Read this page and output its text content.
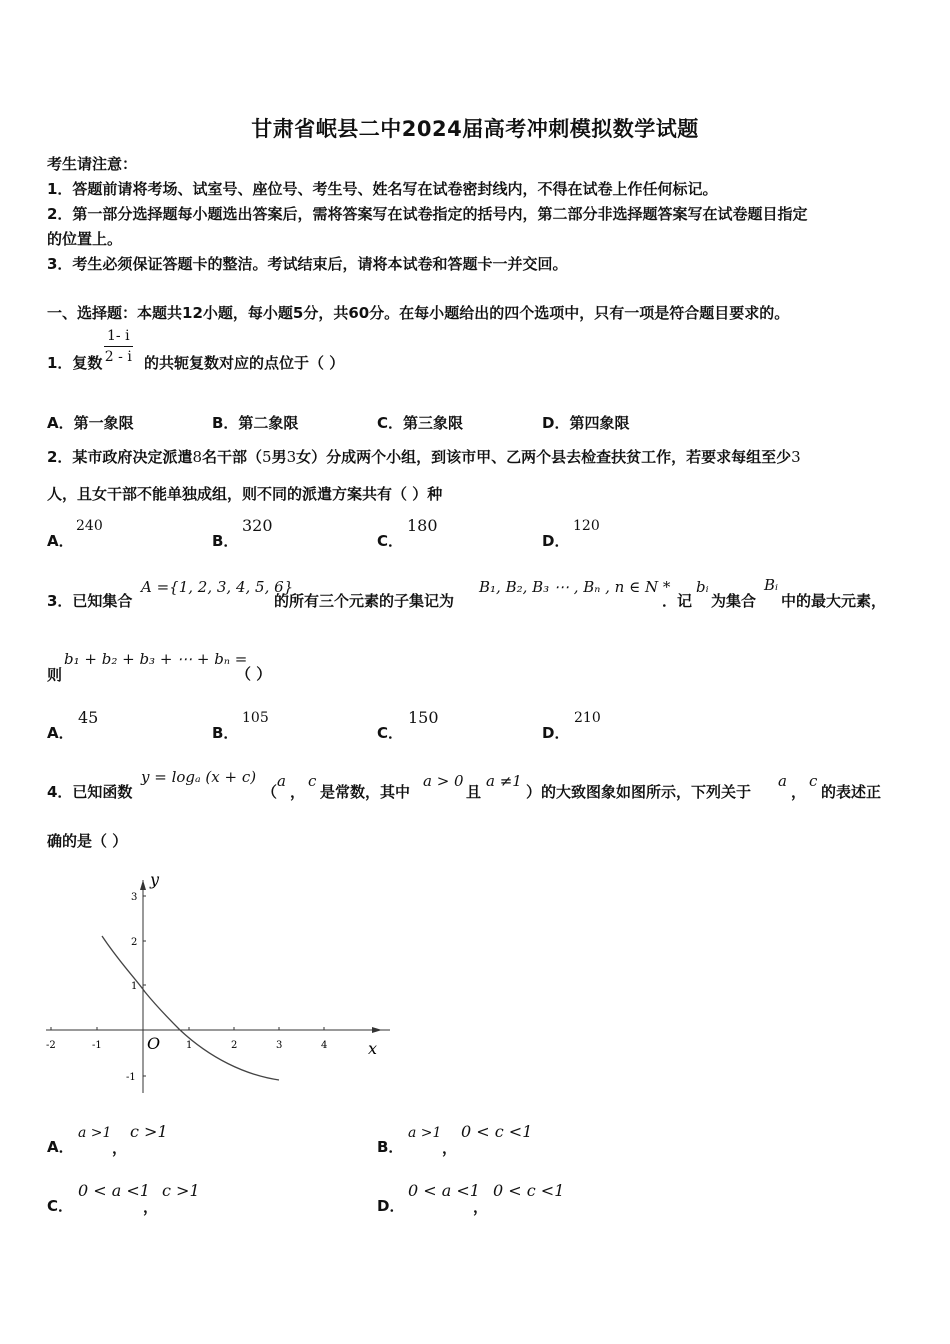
甘肃省岷县二中2024届高考冲刺模拟数学试题
考生请注意：
1．答题前请将考场、试室号、座位号、考生号、姓名写在试卷密封线内，不得在试卷上作任何标记。
2．第一部分选择题每小题选出答案后，需将答案写在试卷指定的括号内，第二部分非选择题答案写在试卷题目指定
的位置上。
3．考生必须保证答题卡的整洁。考试结束后，请将本试卷和答题卡一并交回。
一、选择题：本题共12小题，每小题5分，共60分。在每小题给出的四个选项中，只有一项是符合题目要求的。
1．复数 $\frac{1- i}{2 - i}$ 的共轭复数对应的点位于（ ）
A．第一象限	B．第二象限	C．第三象限	D．第四象限
2．某市政府决定派遣8名干部（5男3女）分成两个小组，到该市甲、乙两个县去检查扶贫工作，若要求每组至少3
人，且女干部不能单独成组，则不同的派遣方案共有（ ）种
A．
240
B．
320
C．
180
D．
120
3．已知集合
A ={1, 2, 3, 4, 5, 6}
的所有三个元素的子集记为
B₁, B₂, B₃ ⋯ , Bₙ , n ∈ N *
．记
bᵢ
为集合
Bᵢ
中的最大元素，
则
b₁ + b₂ + b₃ + ⋯ + bₙ =
（ ）
A．
45
B．
105
C．
150
D．
210
4．已知函数
y = logₐ (x + c)
（
a
，
c
是常数，其中
a > 0
且
a ≠1
）的大致图象如图所示，下列关于
a
，
c
的表述正
确的是（ ）
-2	-1	1	2	3	4
3
2
1
-1
y
x
O
A．
a >1
，
c >1
B．
a >1
，
0 < c <1
C．
0 < a <1
，
c >1
D．
0 < a <1
，
0 < c <1
